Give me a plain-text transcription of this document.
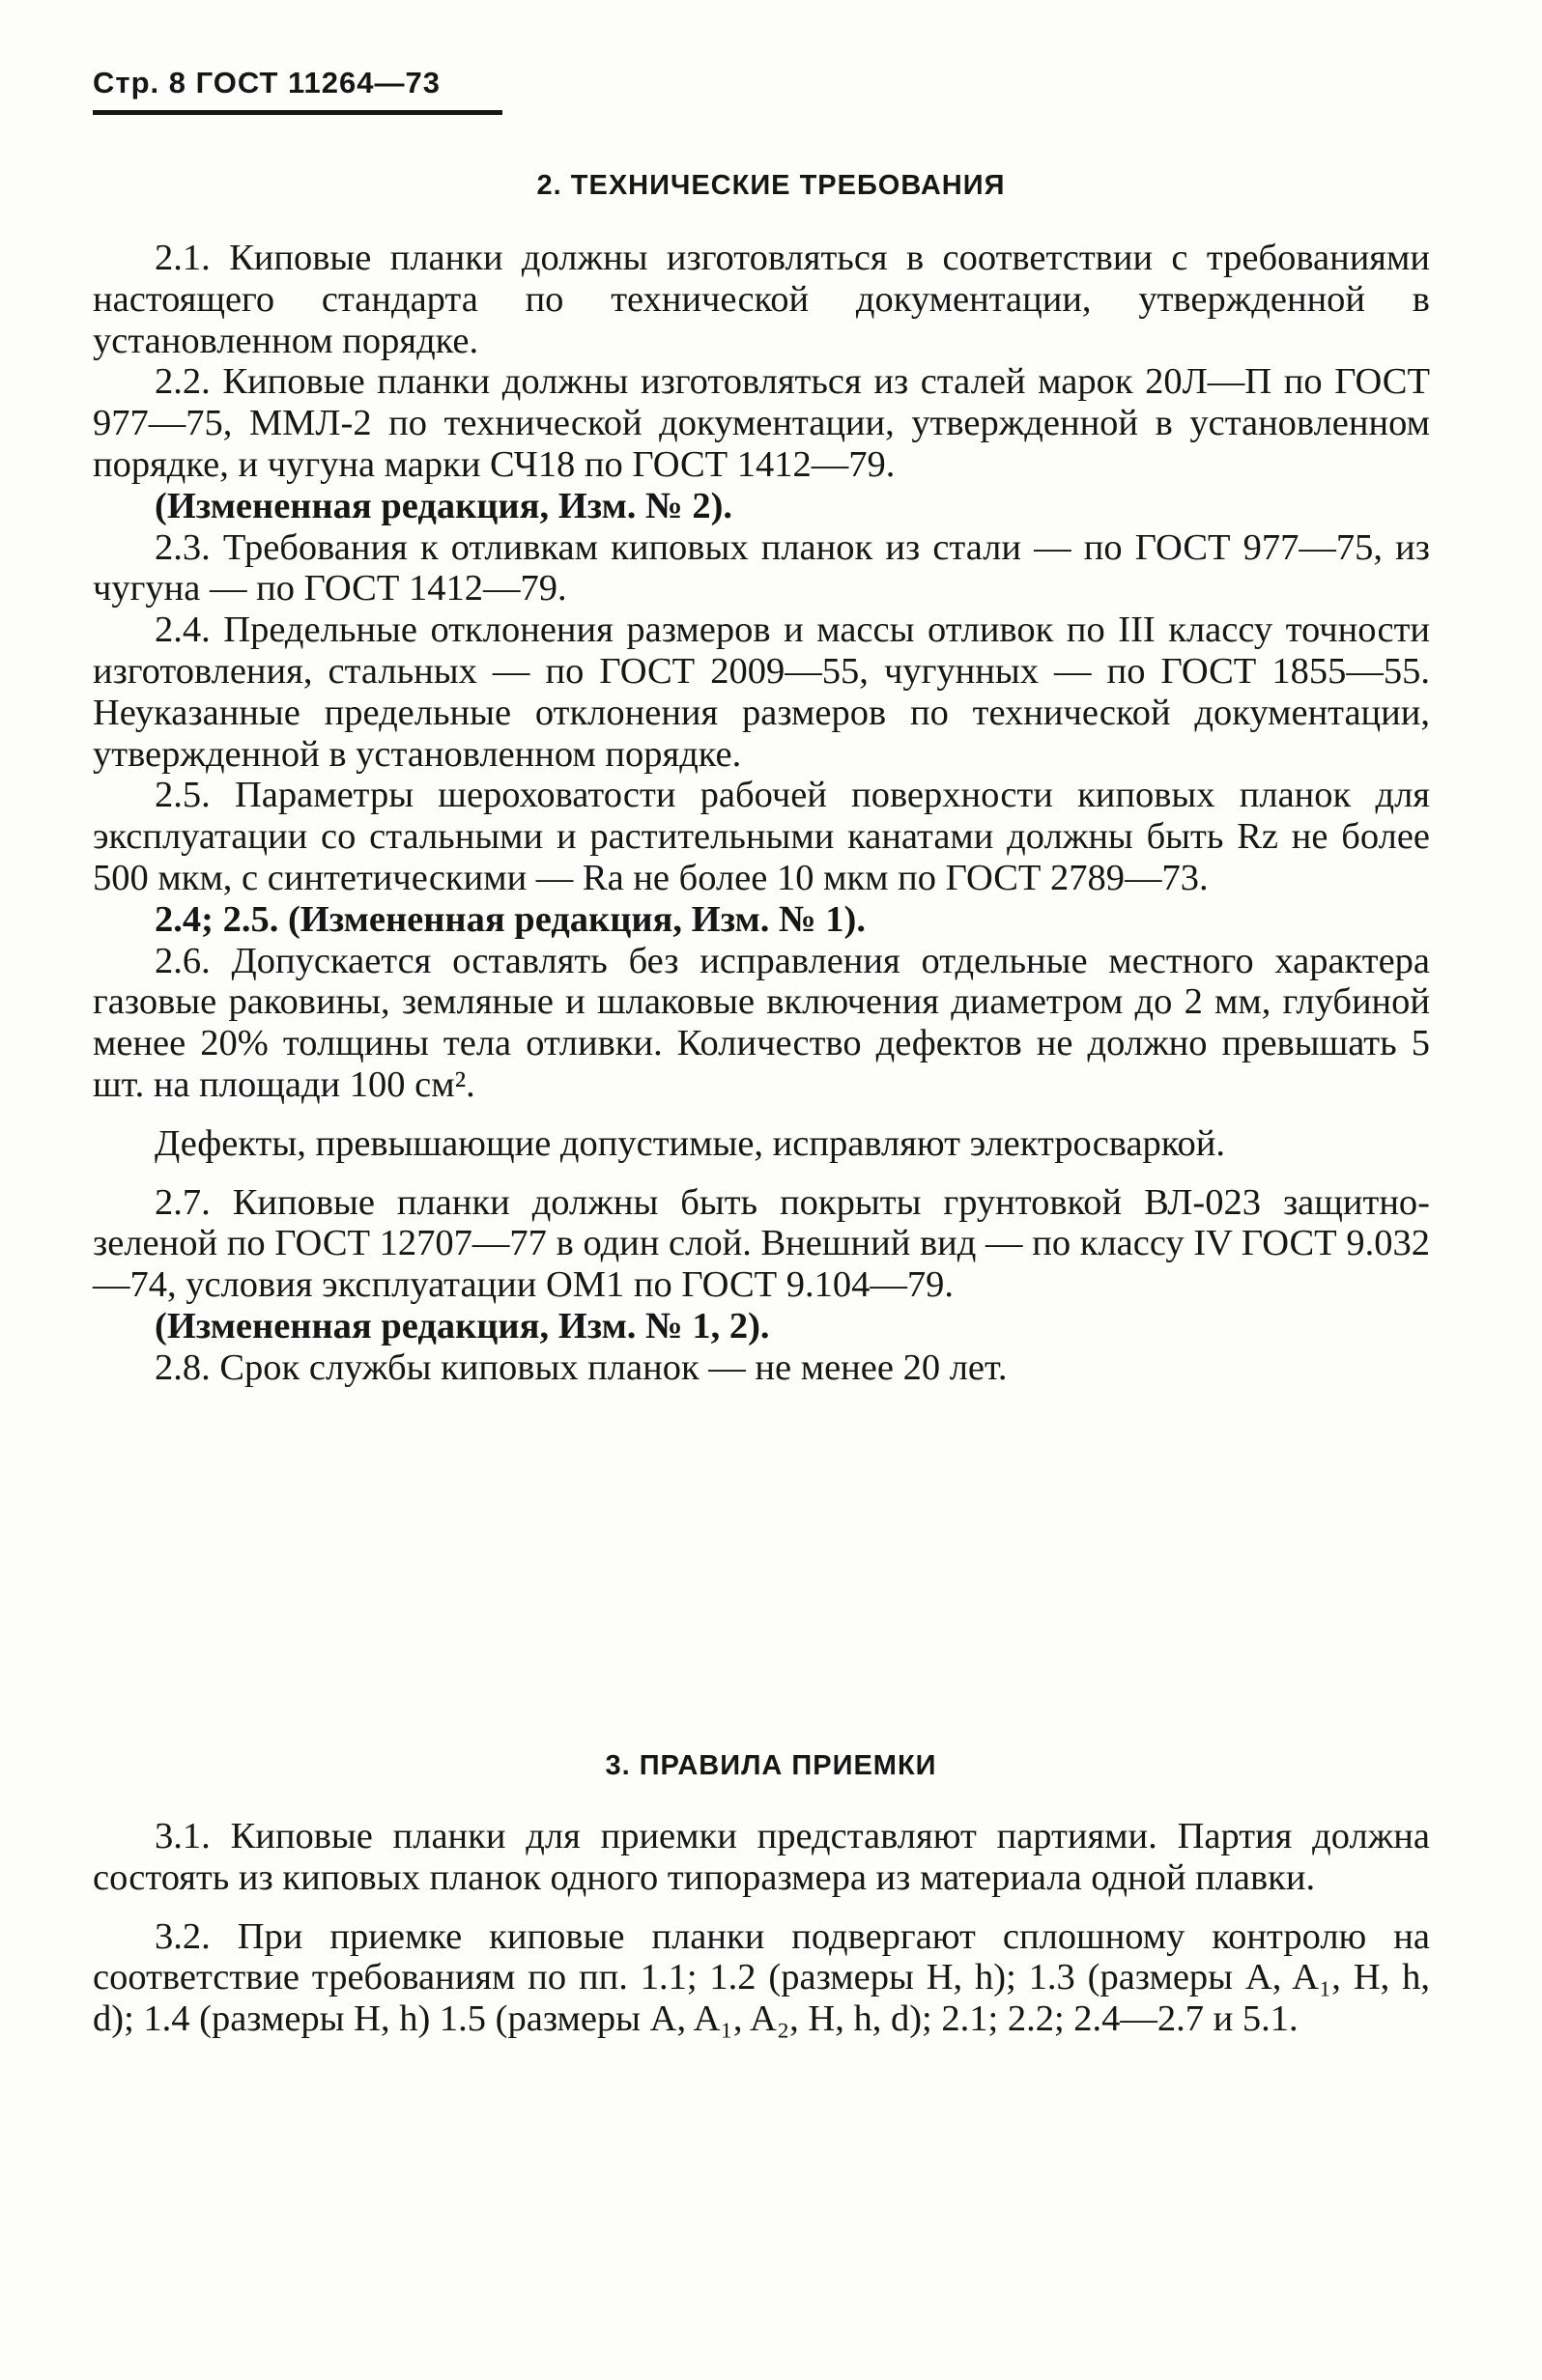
Стр. 8 ГОСТ 11264—73
2. ТЕХНИЧЕСКИЕ ТРЕБОВАНИЯ

2.1. Киповые планки должны изготовляться в соответствии с требованиями настоящего стандарта по технической документации, утвержденной в установленном порядке.

2.2. Киповые планки должны изготовляться из сталей марок 20Л—П по ГОСТ 977—75, ММЛ-2 по технической документации, утвержденной в установленном порядке, и чугуна марки СЧ18 по ГОСТ 1412—79.

(Измененная редакция, Изм. № 2).

2.3. Требования к отливкам киповых планок из стали — по ГОСТ 977—75, из чугуна — по ГОСТ 1412—79.

2.4. Предельные отклонения размеров и массы отливок по III классу точности изготовления, стальных — по ГОСТ 2009—55, чугунных — по ГОСТ 1855—55. Неуказанные предельные отклонения размеров по технической документации, утвержденной в установленном порядке.

2.5. Параметры шероховатости рабочей поверхности киповых планок для эксплуатации со стальными и растительными канатами должны быть Rz не более 500 мкм, с синтетическими — Ra не более 10 мкм по ГОСТ 2789—73.

2.4; 2.5. (Измененная редакция, Изм. № 1).

2.6. Допускается оставлять без исправления отдельные местного характера газовые раковины, земляные и шлаковые включения диаметром до 2 мм, глубиной менее 20% толщины тела отливки. Количество дефектов не должно превышать 5 шт. на площади 100 см².

Дефекты, превышающие допустимые, исправляют электросваркой.

2.7. Киповые планки должны быть покрыты грунтовкой ВЛ-023 защитно-зеленой по ГОСТ 12707—77 в один слой. Внешний вид — по классу IV ГОСТ 9.032—74, условия эксплуатации ОМ1 по ГОСТ 9.104—79.

(Измененная редакция, Изм. № 1, 2).

2.8. Срок службы киповых планок — не менее 20 лет.

3. ПРАВИЛА ПРИЕМКИ

3.1. Киповые планки для приемки представляют партиями. Партия должна состоять из киповых планок одного типоразмера из материала одной плавки.

3.2. При приемке киповые планки подвергают сплошному контролю на соответствие требованиям по пп. 1.1; 1.2 (размеры H, h); 1.3 (размеры A, A₁, H, h, d); 1.4 (размеры H, h) 1.5 (размеры A, A₁, A₂, H, h, d); 2.1; 2.2; 2.4—2.7 и 5.1.
